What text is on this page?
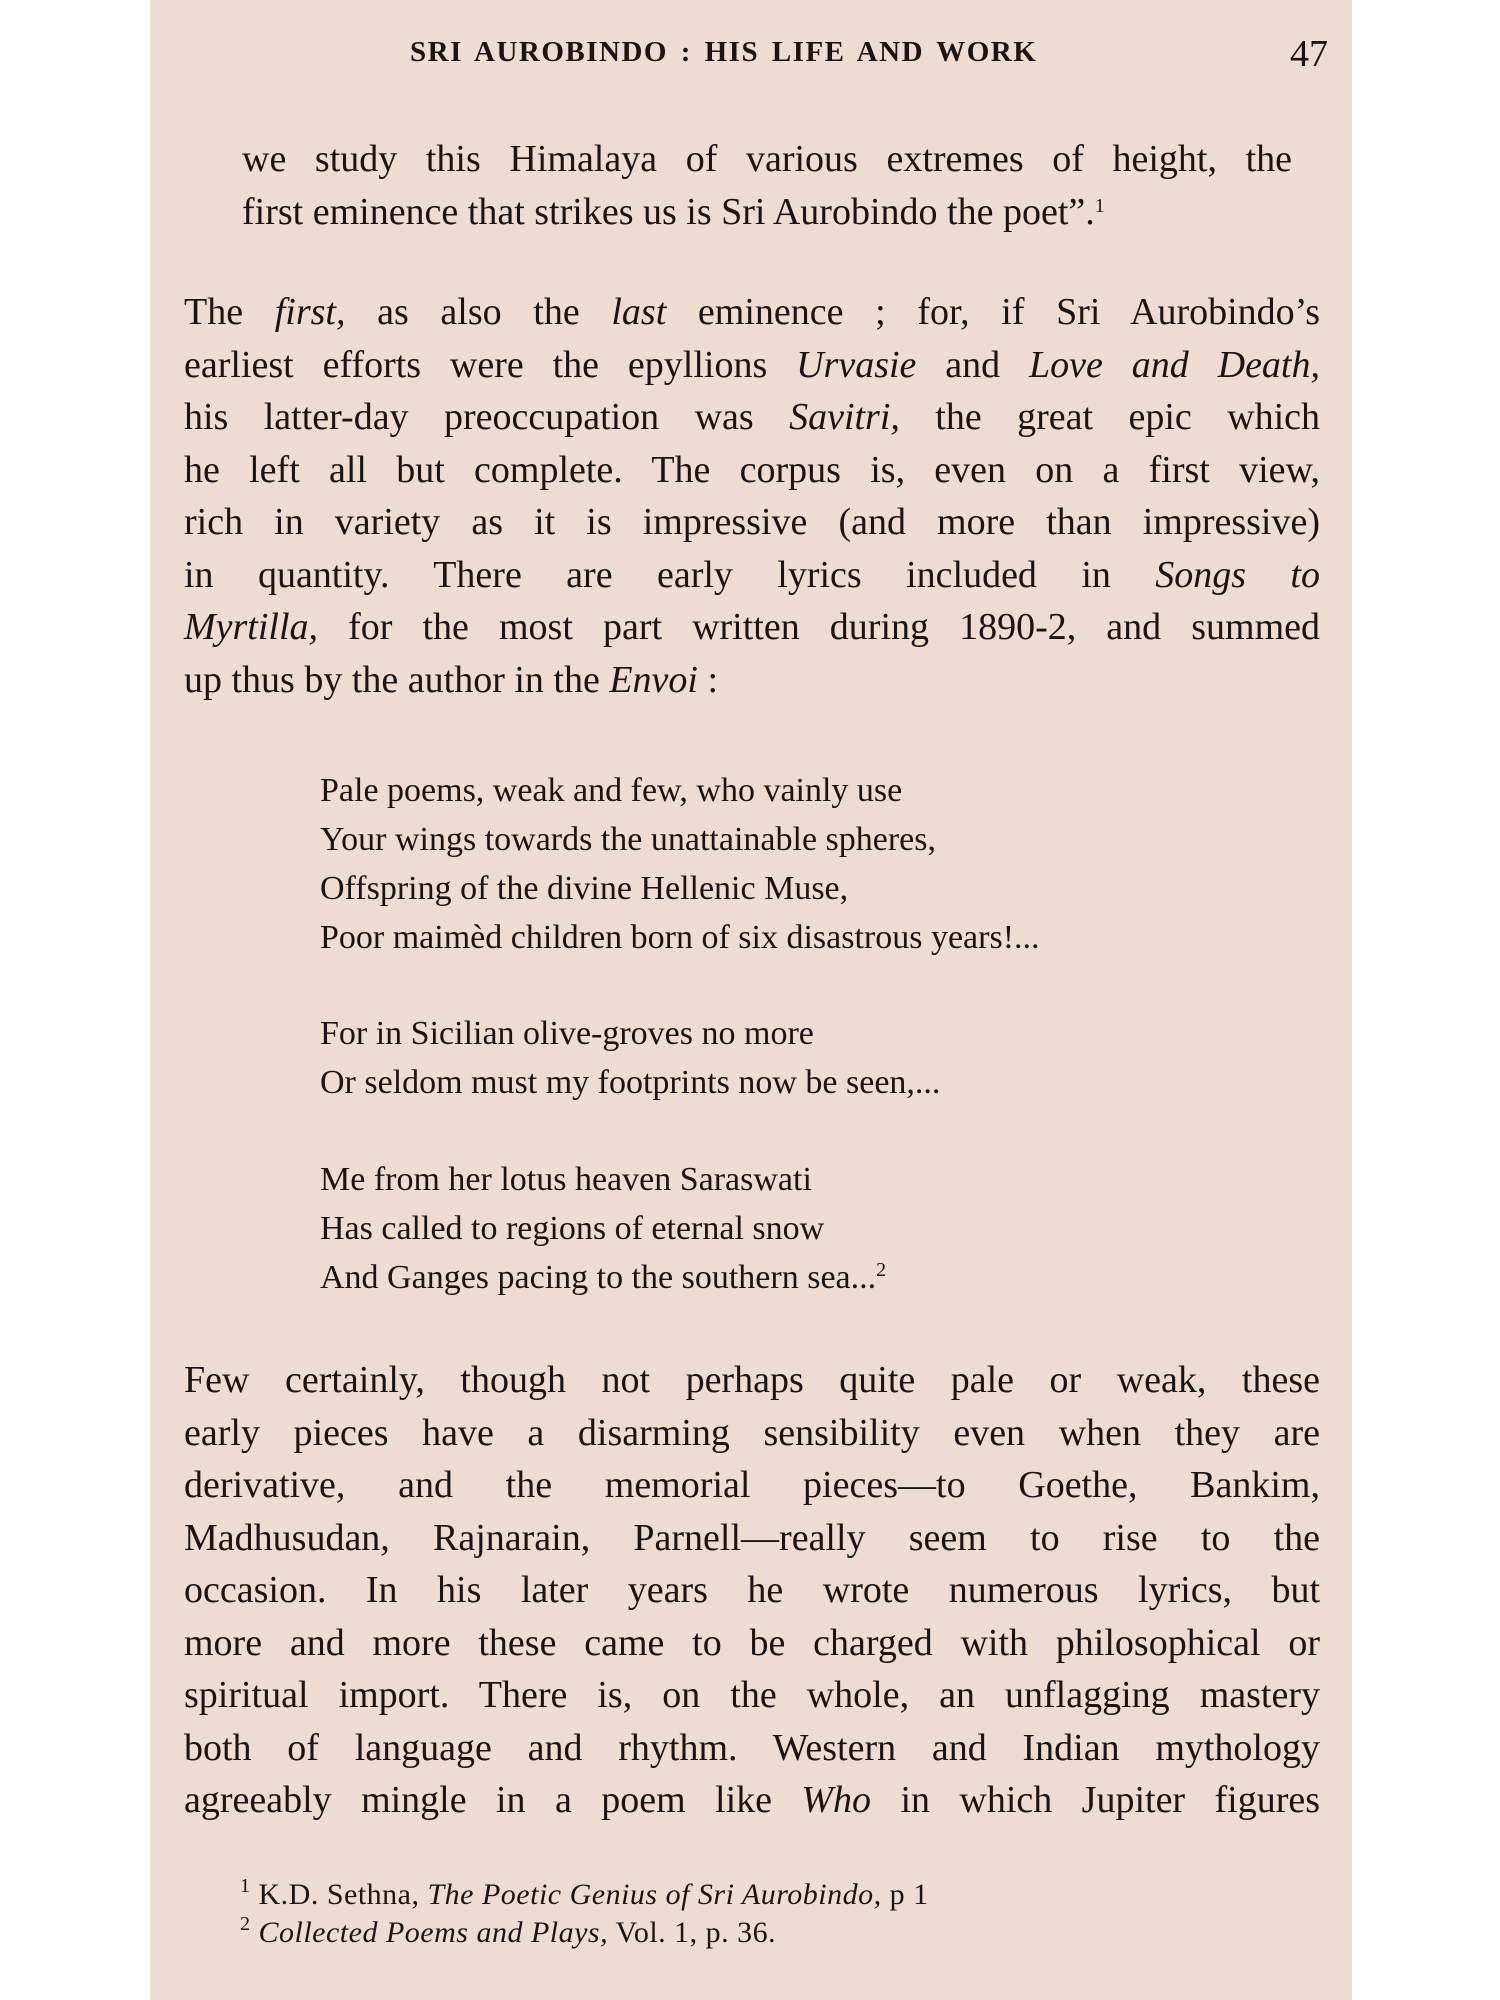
SRI AUROBINDO : HIS LIFE AND WORK	47
we study this Himalaya of various extremes of height, the
first eminence that strikes us is Sri Aurobindo the poet”.$^1$
The first, as also the last eminence ; for, if Sri Aurobindo’s
earliest efforts were the epyllions Urvasie and Love and Death,
his latter-day preoccupation was Savitri, the great epic which
he left all but complete. The corpus is, even on a first view,
rich in variety as it is impressive (and more than impressive)
in quantity. There are early lyrics included in Songs to
Myrtilla, for the most part written during 1890-2, and summed
up thus by the author in the Envoi :
Pale poems, weak and few, who vainly use
Your wings towards the unattainable spheres,
Offspring of the divine Hellenic Muse,
Poor maimèd children born of six disastrous years!...
For in Sicilian olive-groves no more
Or seldom must my footprints now be seen,...
Me from her lotus heaven Saraswati
Has called to regions of eternal snow
And Ganges pacing to the southern sea...$^2$
Few certainly, though not perhaps quite pale or weak, these
early pieces have a disarming sensibility even when they are
derivative, and the memorial pieces—to Goethe, Bankim,
Madhusudan, Rajnarain, Parnell—really seem to rise to the
occasion. In his later years he wrote numerous lyrics, but
more and more these came to be charged with philosophical or
spiritual import. There is, on the whole, an unflagging mastery
both of language and rhythm. Western and Indian mythology
agreeably mingle in a poem like Who in which Jupiter figures
$^1$ K.D. Sethna, The Poetic Genius of Sri Aurobindo, p 1
$^2$ Collected Poems and Plays, Vol. 1, p. 36.
